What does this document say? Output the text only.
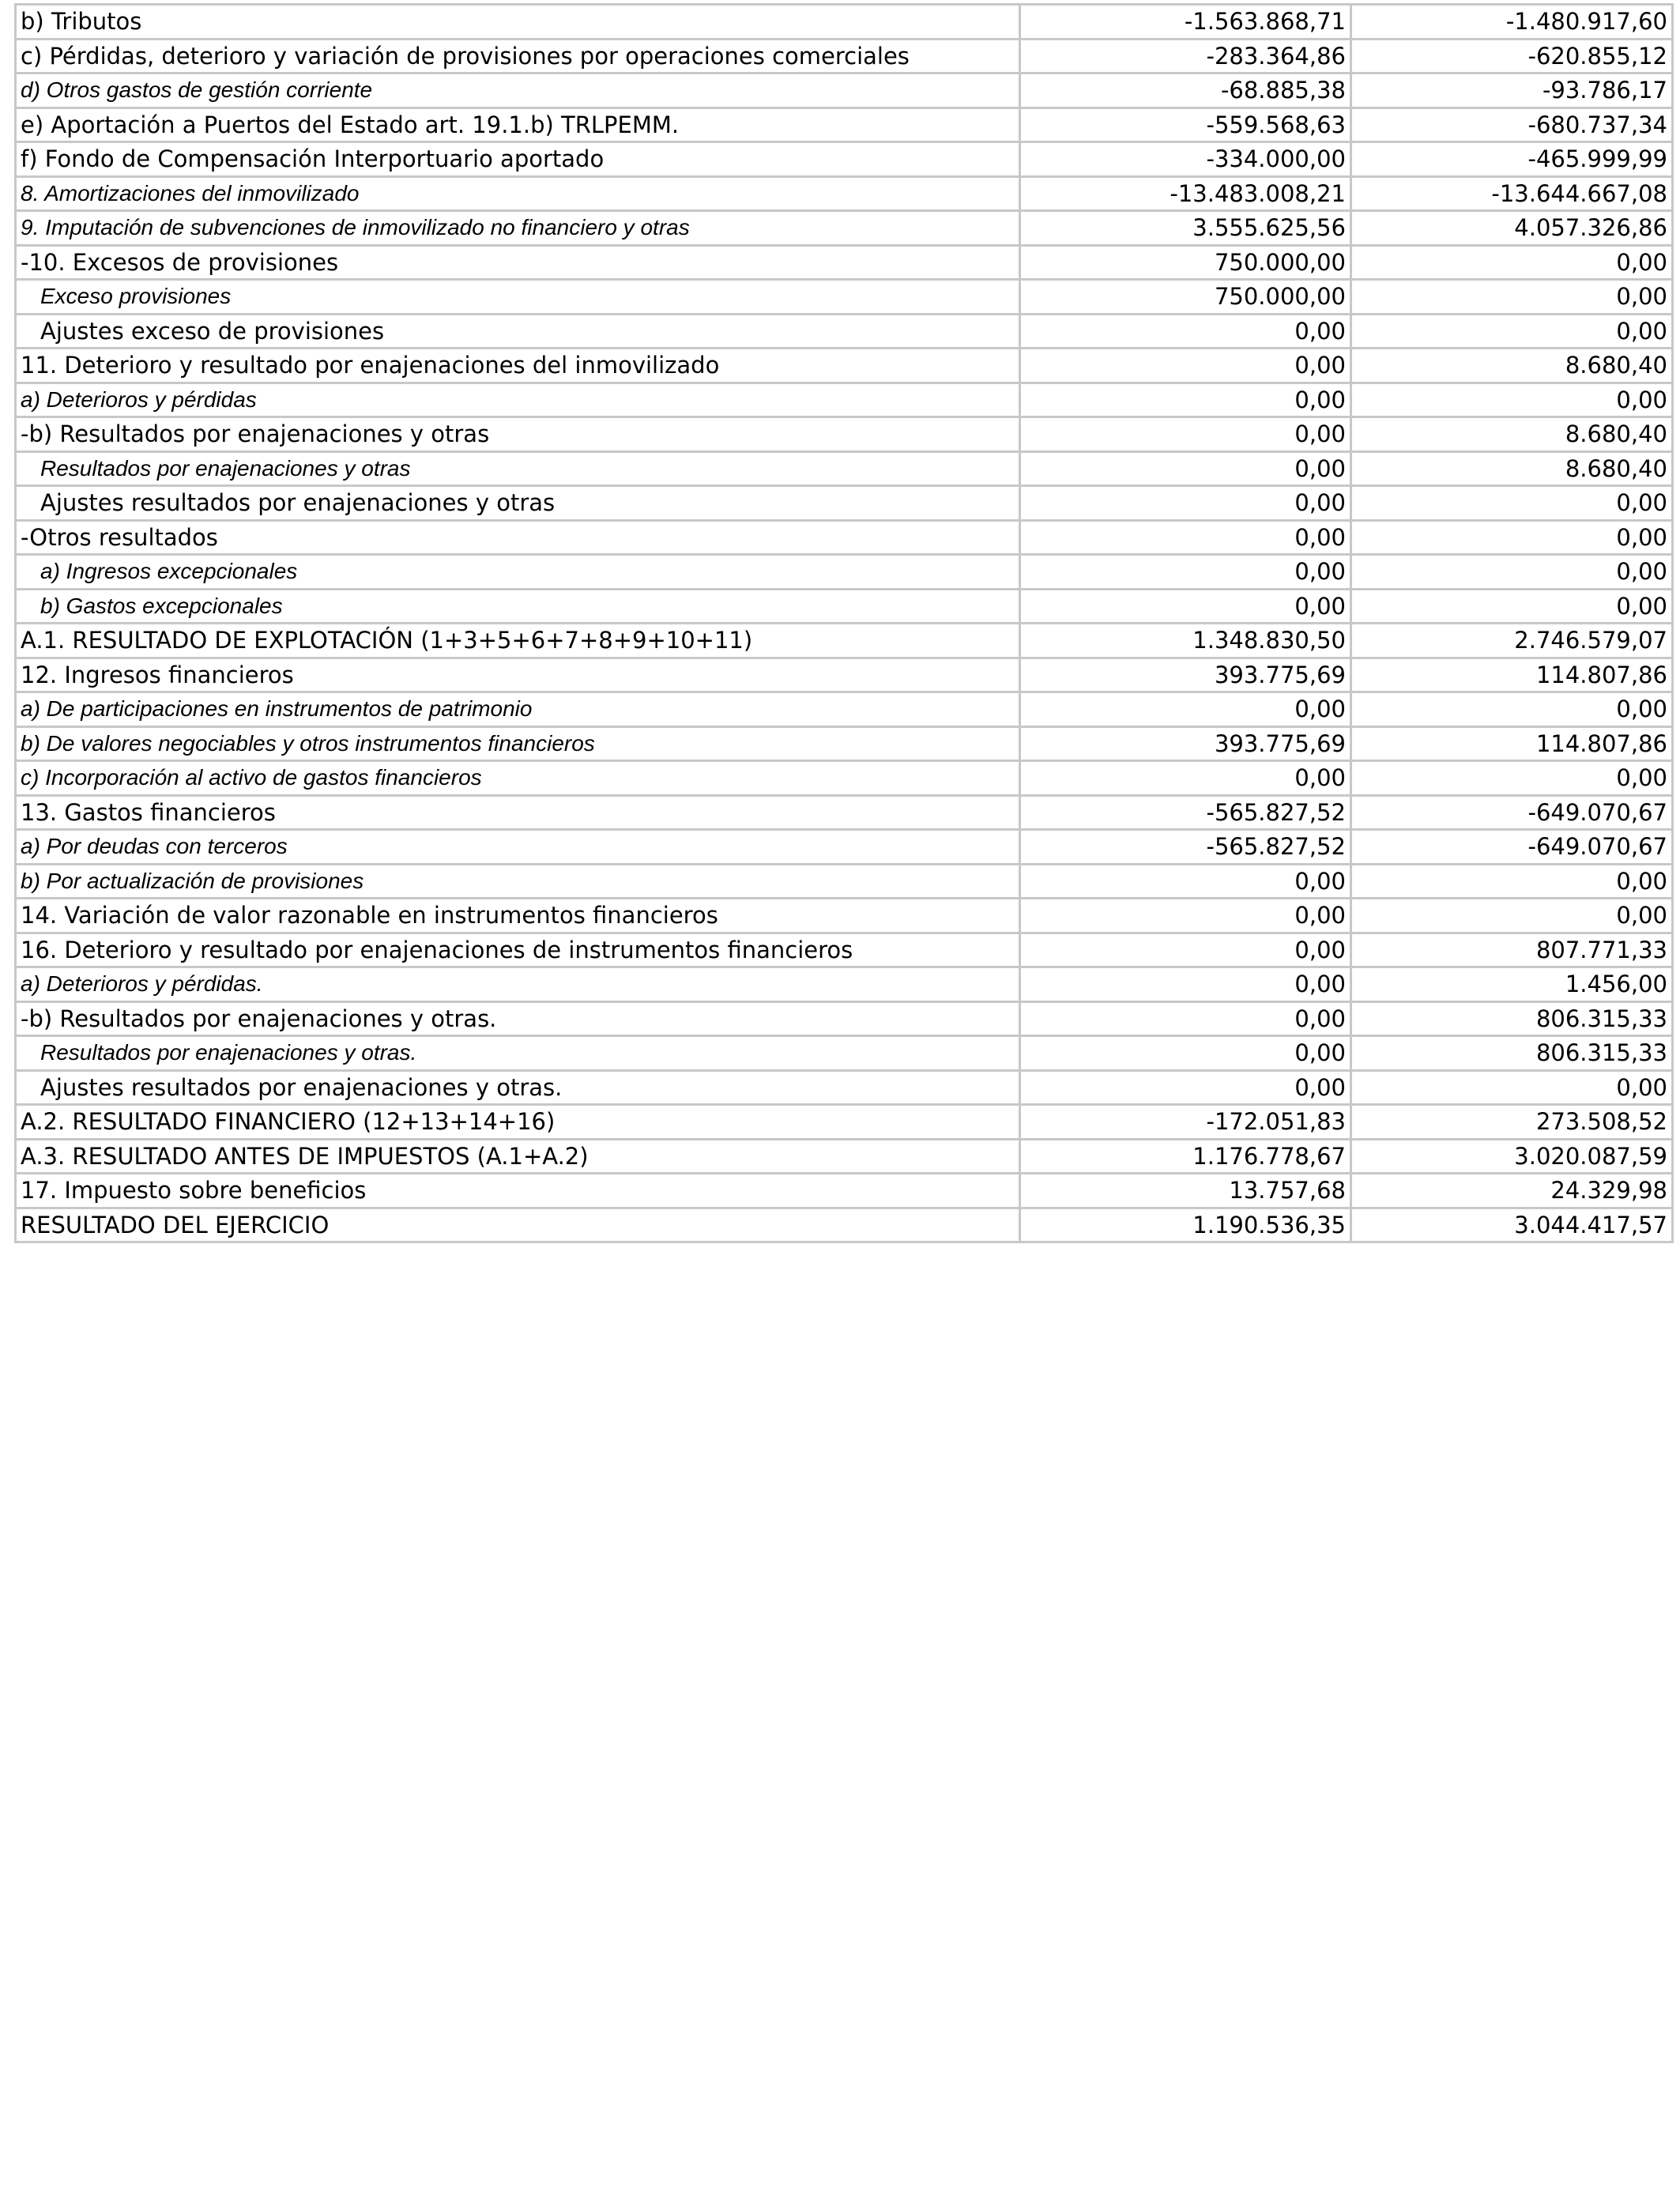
b) Tributos	-1.563.868,71	-1.480.917,60
c) Pérdidas, deterioro y variación de provisiones por operaciones comerciales	-283.364,86	-620.855,12
d) Otros gastos de gestión corriente	-68.885,38	-93.786,17
e) Aportación a Puertos del Estado art. 19.1.b) TRLPEMM.	-559.568,63	-680.737,34
f) Fondo de Compensación Interportuario aportado	-334.000,00	-465.999,99
8. Amortizaciones del inmovilizado	-13.483.008,21	-13.644.667,08
9. Imputación de subvenciones de inmovilizado no financiero y otras	3.555.625,56	4.057.326,86
-10. Excesos de provisiones	750.000,00	0,00
Exceso provisiones	750.000,00	0,00
Ajustes exceso de provisiones	0,00	0,00
11. Deterioro y resultado por enajenaciones del inmovilizado	0,00	8.680,40
a) Deterioros y pérdidas	0,00	0,00
-b) Resultados por enajenaciones y otras	0,00	8.680,40
Resultados por enajenaciones y otras	0,00	8.680,40
Ajustes resultados por enajenaciones y otras	0,00	0,00
-Otros resultados	0,00	0,00
a) Ingresos excepcionales	0,00	0,00
b) Gastos excepcionales	0,00	0,00
A.1. RESULTADO DE EXPLOTACIÓN (1+3+5+6+7+8+9+10+11)	1.348.830,50	2.746.579,07
12. Ingresos financieros	393.775,69	114.807,86
a) De participaciones en instrumentos de patrimonio	0,00	0,00
b) De valores negociables y otros instrumentos financieros	393.775,69	114.807,86
c) Incorporación al activo de gastos financieros	0,00	0,00
13. Gastos financieros	-565.827,52	-649.070,67
a) Por deudas con terceros	-565.827,52	-649.070,67
b) Por actualización de provisiones	0,00	0,00
14. Variación de valor razonable en instrumentos financieros	0,00	0,00
16. Deterioro y resultado por enajenaciones de instrumentos financieros	0,00	807.771,33
a) Deterioros y pérdidas.	0,00	1.456,00
-b) Resultados por enajenaciones y otras.	0,00	806.315,33
Resultados por enajenaciones y otras.	0,00	806.315,33
Ajustes resultados por enajenaciones y otras.	0,00	0,00
A.2. RESULTADO FINANCIERO (12+13+14+16)	-172.051,83	273.508,52
A.3. RESULTADO ANTES DE IMPUESTOS (A.1+A.2)	1.176.778,67	3.020.087,59
17. Impuesto sobre beneficios	13.757,68	24.329,98
RESULTADO DEL EJERCICIO	1.190.536,35	3.044.417,57
